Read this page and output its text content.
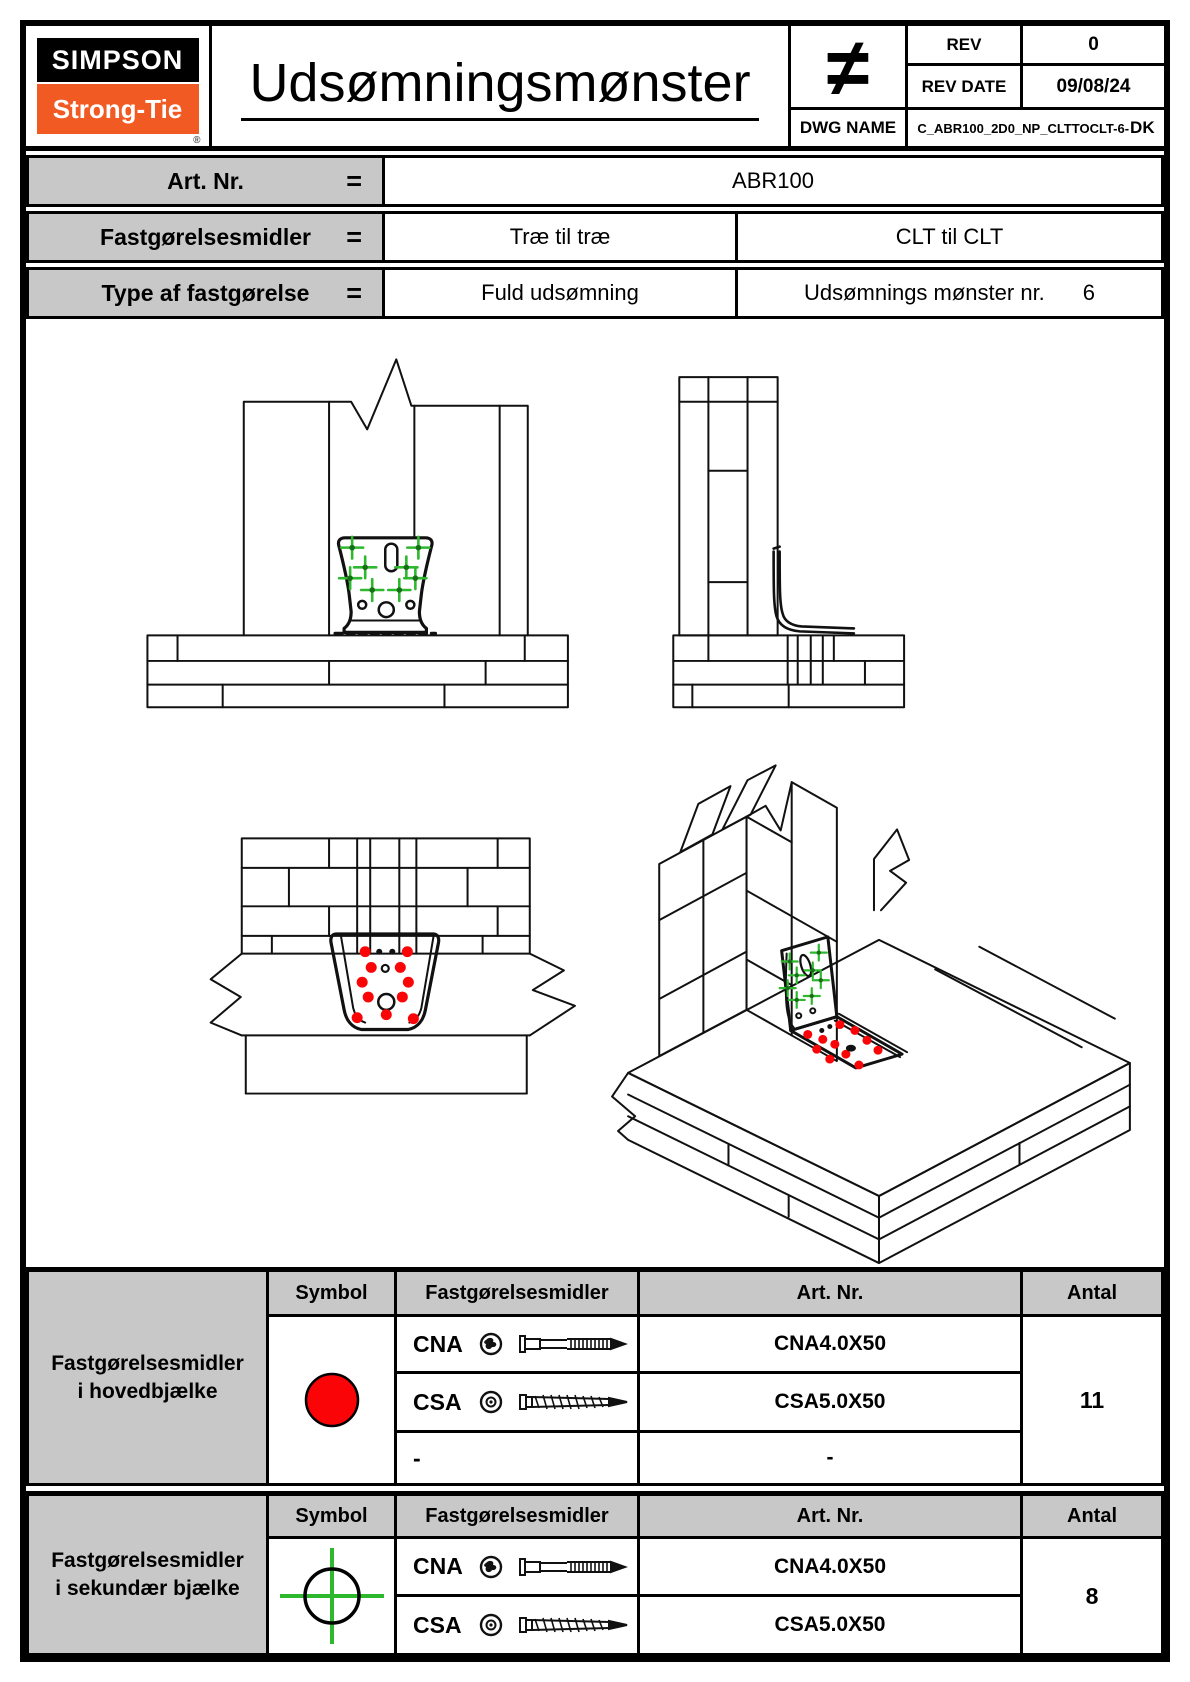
SIMPSON
Strong-Tie
®
Udsømningsmønster ≠	REV	0
REV DATE	09/08/24
DWG NAME	C_ABR100_2D0_NP_CLTTOCLT-6- DK
Art. Nr.	=	ABR100
Fastgørelsesmidler =	Træ til træ	CLT til CLT
Type af fastgørelse =	Fuld udsømning	Udsømnings mønster nr. 6
Fastgørelsesmidler
i hovedbjælke
Symbol	Fastgørelsesmidler	Art. Nr.	Antal
CNA	CNA4.0X50
CSA	CSA5.0X50
-	-
11
Fastgørelsesmidler
i sekundær bjælke
Symbol	Fastgørelsesmidler	Art. Nr.	Antal
CNA	CNA4.0X50
CSA	CSA5.0X50
8
